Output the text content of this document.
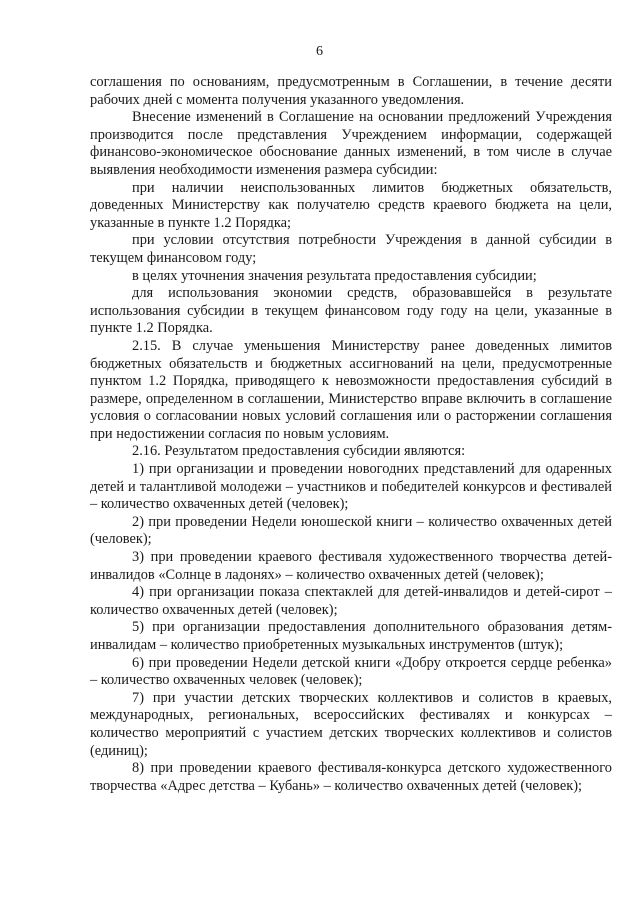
6

соглашения по основаниям, предусмотренным в Соглашении, в течение десяти рабочих дней с момента получения указанного уведомления.

Внесение изменений в Соглашение на основании предложений Учреждения производится после представления Учреждением информации, содержащей финансово-экономическое обоснование данных изменений, в том числе в случае выявления необходимости изменения размера субсидии:

при наличии неиспользованных лимитов бюджетных обязательств, доведенных Министерству как получателю средств краевого бюджета на цели, указанные в пункте 1.2 Порядка;

при условии отсутствия потребности Учреждения в данной субсидии в текущем финансовом году;

в целях уточнения значения результата предоставления субсидии;

для использования экономии средств, образовавшейся в результате использования субсидии в текущем финансовом году году на цели, указанные в пункте 1.2 Порядка.

2.15. В случае уменьшения Министерству ранее доведенных лимитов бюджетных обязательств и бюджетных ассигнований на цели, предусмотренные пунктом 1.2 Порядка, приводящего к невозможности предоставления субсидий в размере, определенном в соглашении, Министерство вправе включить в соглашение условия о согласовании новых условий соглашения или о расторжении соглашения при недостижении согласия по новым условиям.

2.16. Результатом предоставления субсидии являются:

1) при организации и проведении новогодних представлений для одаренных детей и талантливой молодежи – участников и победителей конкурсов и фестивалей – количество охваченных детей (человек);

2) при проведении Недели юношеской книги – количество охваченных детей (человек);

3) при проведении краевого фестиваля художественного творчества детей-инвалидов «Солнце в ладонях» – количество охваченных детей (человек);

4) при организации показа спектаклей для детей-инвалидов и детей-сирот – количество охваченных детей (человек);

5) при организации предоставления дополнительного образования детям-инвалидам – количество приобретенных музыкальных инструментов (штук);

6) при проведении Недели детской книги «Добру откроется сердце ребенка» – количество охваченных человек (человек);

7) при участии детских творческих коллективов и солистов в краевых, международных, региональных, всероссийских фестивалях и конкурсах – количество мероприятий с участием детских творческих коллективов и солистов (единиц);

8) при проведении краевого фестиваля-конкурса детского художественного творчества «Адрес детства – Кубань» – количество охваченных детей (человек);
